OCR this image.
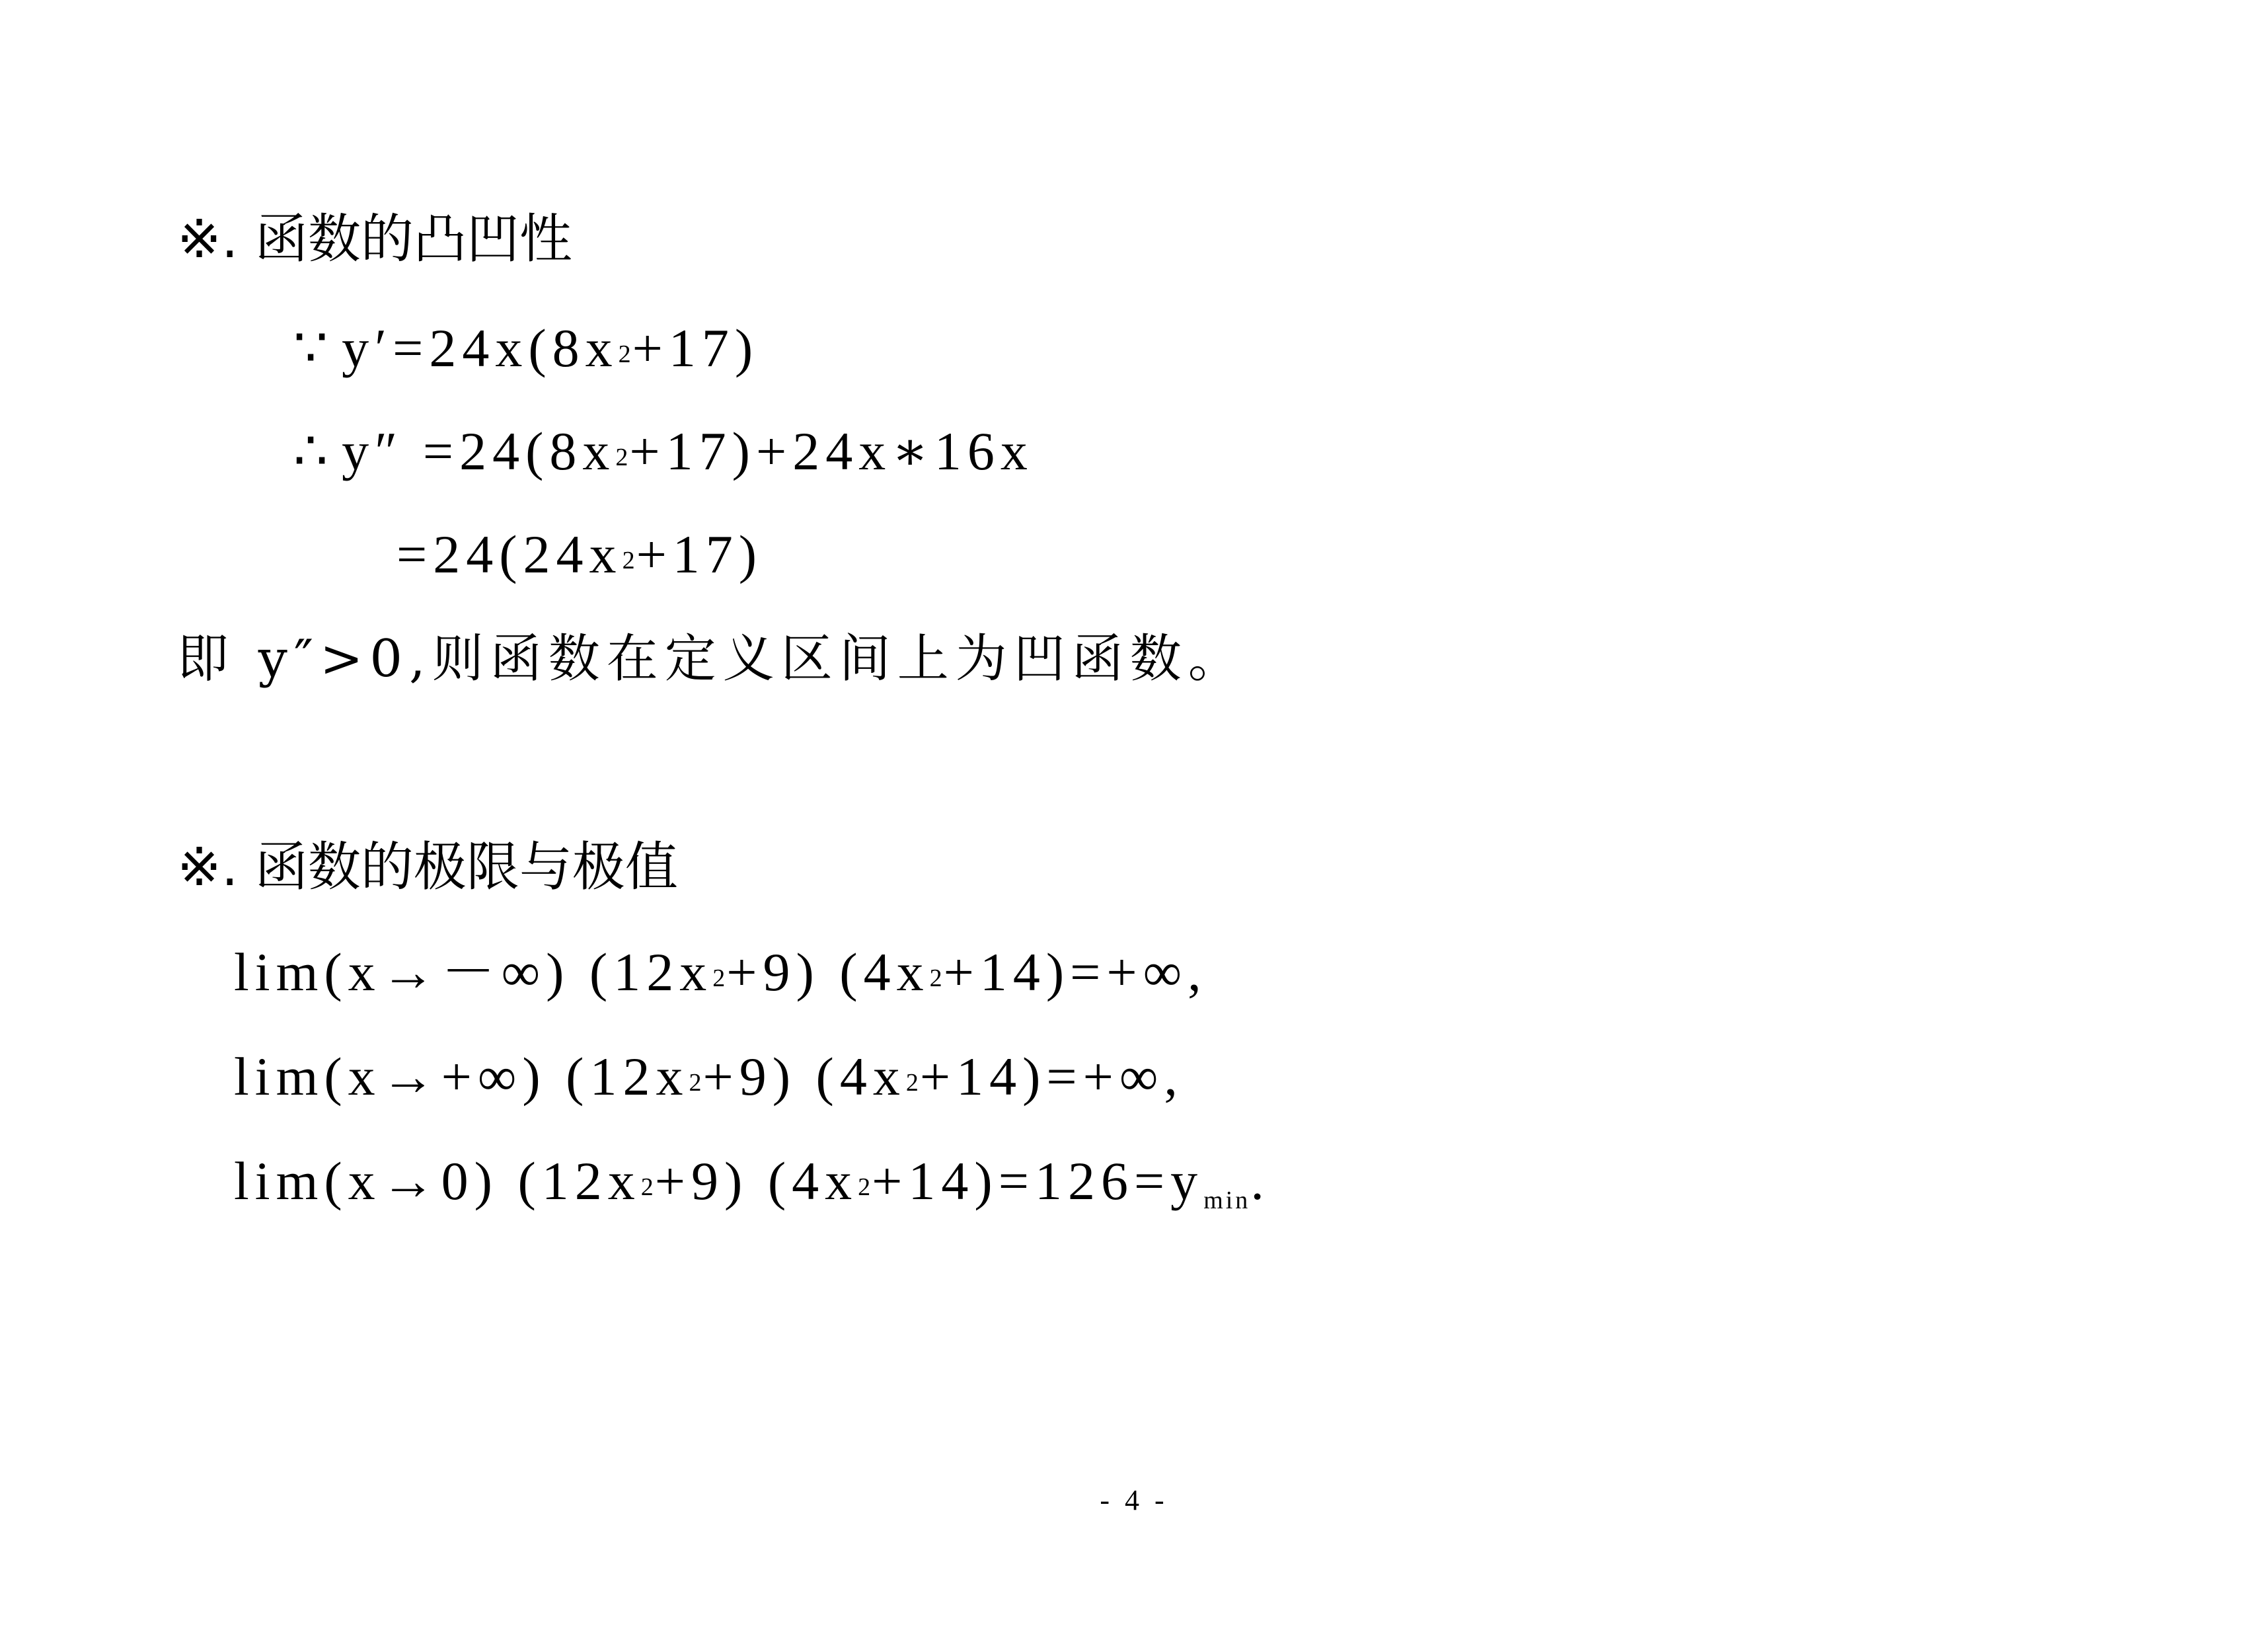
※. 函数的凸凹性
∵ $y'=24x(8x^2 +17)$
∴ $y'' =24(8x^2$ +17)+24x∗16x
$=24(24x^2 +17)$
即 y″>0,则函数在定义区间上为凹函数。
※. 函数的极限与极值
lim(x→－∞) $(12x^2 +9)$ $(4x^2 +14)=+\infty$,
lim(x→+∞) $(12x^2 +9)$ $(4x^2 +14)=+\infty$,
lim(x→0) $(12x^2 +9)$ $(4x^2 +14)=126=y_{min}$ .
- 4 -
